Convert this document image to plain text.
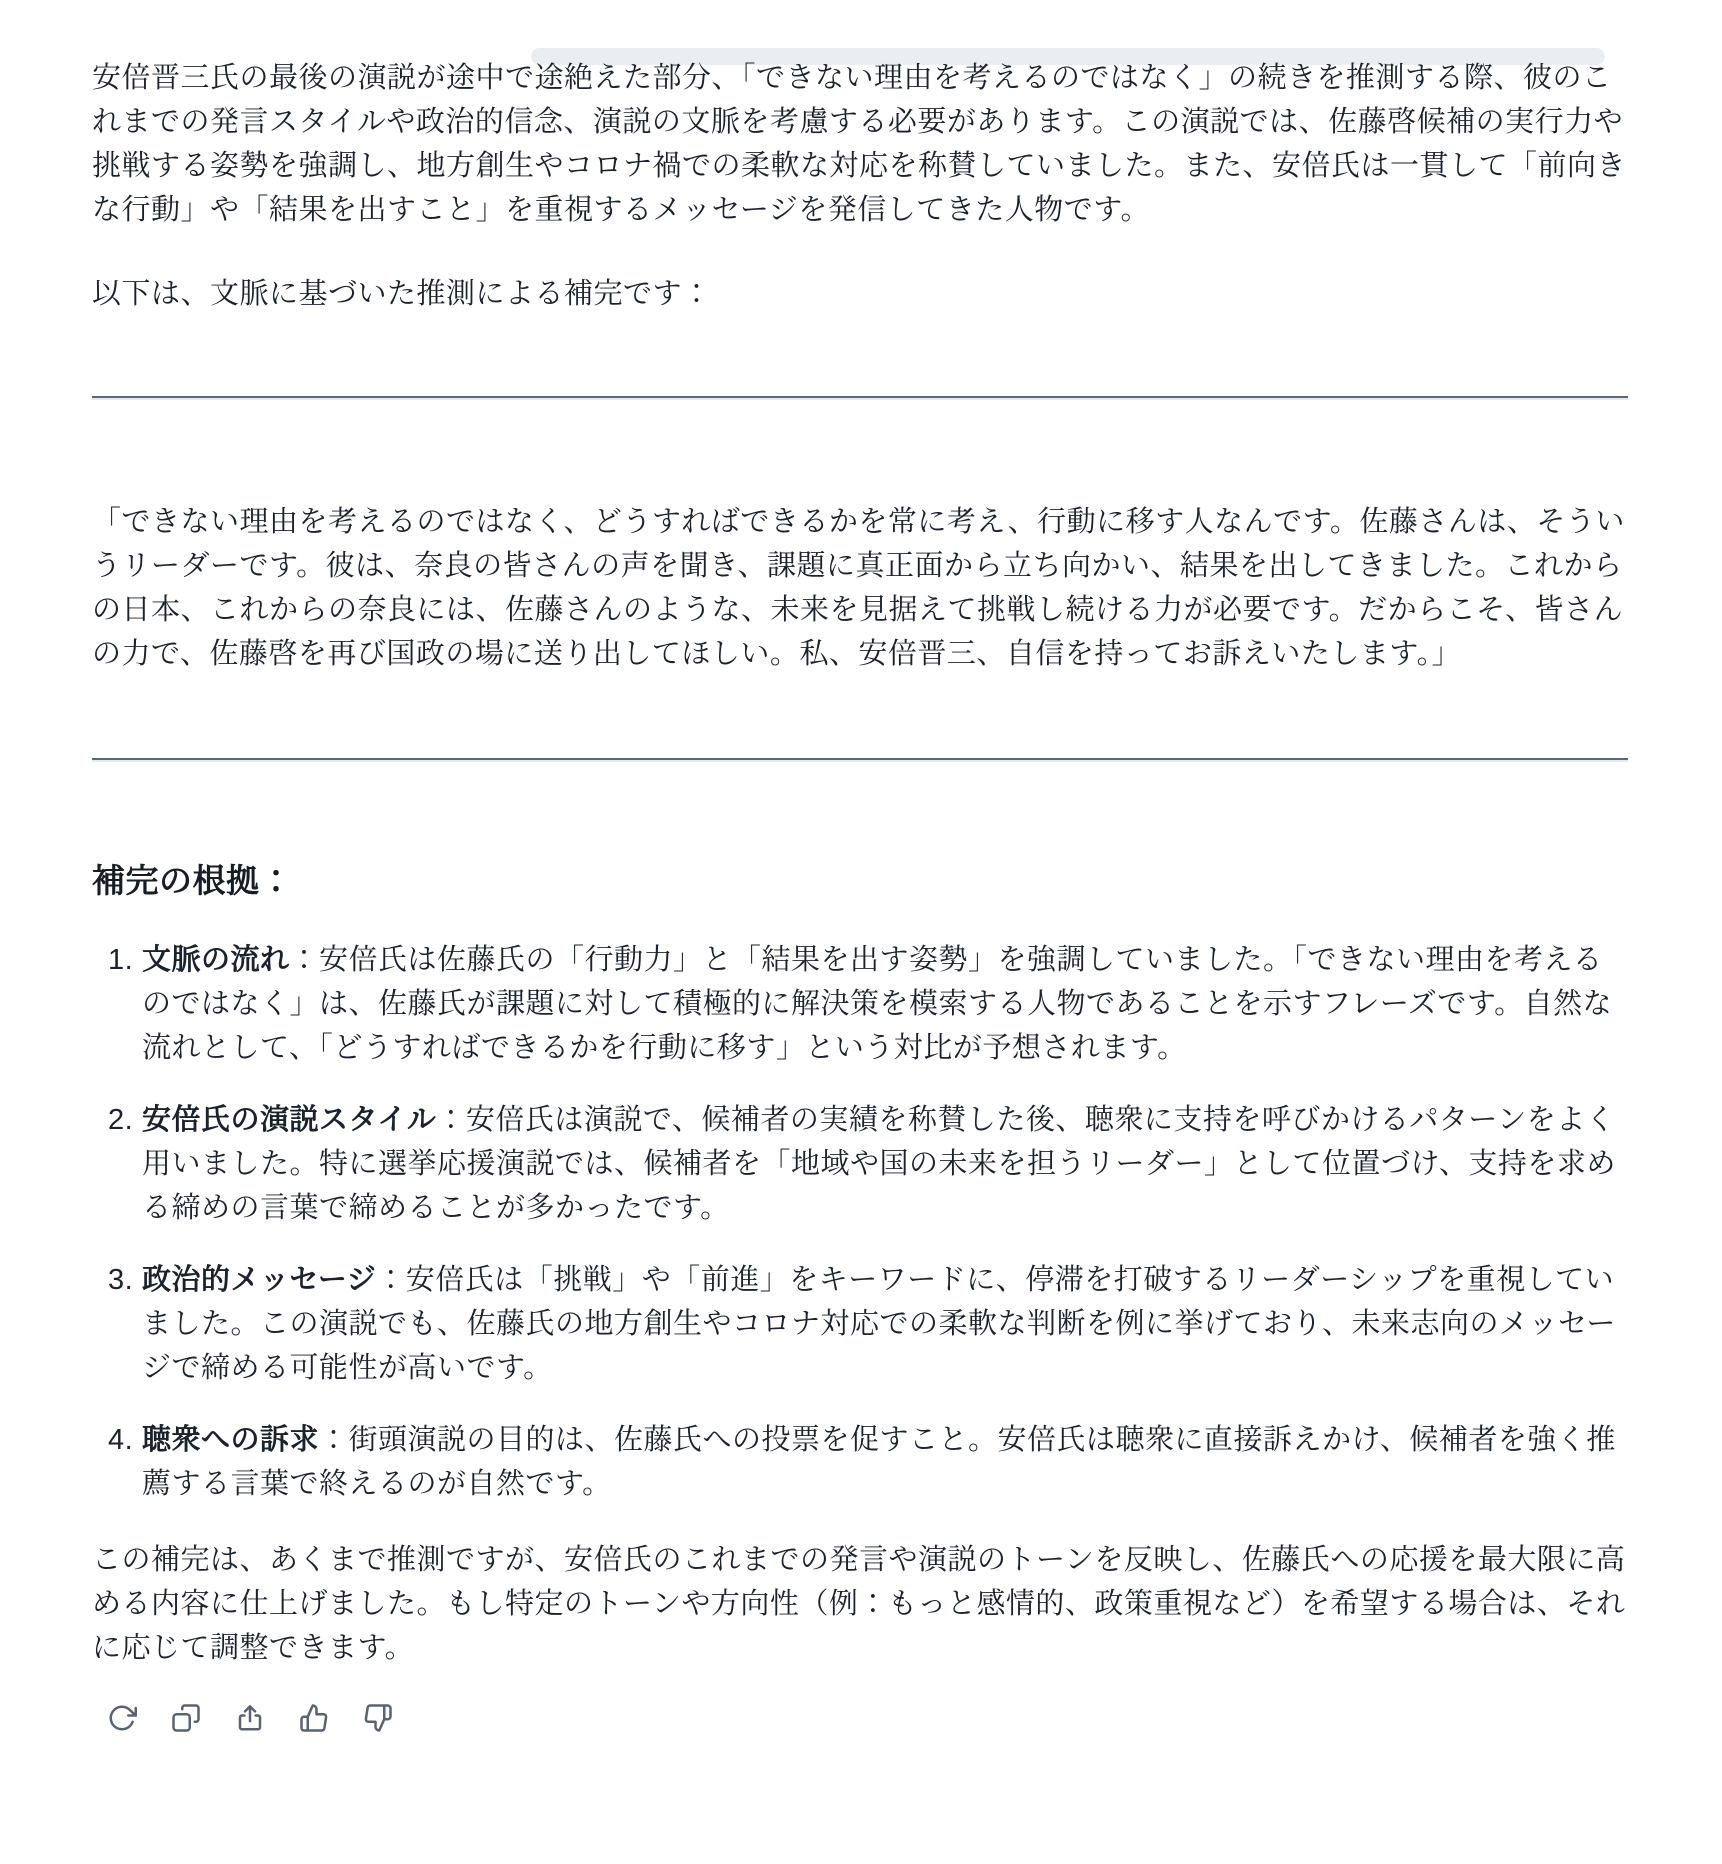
安倍晋三氏の最後の演説が途中で途絶えた部分、「できない理由を考えるのではなく」の続きを推測する際、彼のこれまでの発言スタイルや政治的信念、演説の文脈を考慮する必要があります。この演説では、佐藤啓候補の実行力や挑戦する姿勢を強調し、地方創生やコロナ禍での柔軟な対応を称賛していました。また、安倍氏は一貫して「前向きな行動」や「結果を出すこと」を重視するメッセージを発信してきた人物です。

以下は、文脈に基づいた推測による補完です：

「できない理由を考えるのではなく、どうすればできるかを常に考え、行動に移す人なんです。佐藤さんは、そういうリーダーです。彼は、奈良の皆さんの声を聞き、課題に真正面から立ち向かい、結果を出してきました。これからの日本、これからの奈良には、佐藤さんのような、未来を見据えて挑戦し続ける力が必要です。だからこそ、皆さんの力で、佐藤啓を再び国政の場に送り出してほしい。私、安倍晋三、自信を持ってお訴えいたします。」

補完の根拠：
1. 文脈の流れ：安倍氏は佐藤氏の「行動力」と「結果を出す姿勢」を強調していました。「できない理由を考えるのではなく」は、佐藤氏が課題に対して積極的に解決策を模索する人物であることを示すフレーズです。自然な流れとして、「どうすればできるかを行動に移す」という対比が予想されます。
2. 安倍氏の演説スタイル：安倍氏は演説で、候補者の実績を称賛した後、聴衆に支持を呼びかけるパターンをよく用いました。特に選挙応援演説では、候補者を「地域や国の未来を担うリーダー」として位置づけ、支持を求める締めの言葉で締めることが多かったです。
3. 政治的メッセージ：安倍氏は「挑戦」や「前進」をキーワードに、停滞を打破するリーダーシップを重視していました。この演説でも、佐藤氏の地方創生やコロナ対応での柔軟な判断を例に挙げており、未来志向のメッセージで締める可能性が高いです。
4. 聴衆への訴求：街頭演説の目的は、佐藤氏への投票を促すこと。安倍氏は聴衆に直接訴えかけ、候補者を強く推薦する言葉で終えるのが自然です。

この補完は、あくまで推測ですが、安倍氏のこれまでの発言や演説のトーンを反映し、佐藤氏への応援を最大限に高める内容に仕上げました。もし特定のトーンや方向性（例：もっと感情的、政策重視など）を希望する場合は、それに応じて調整できます。
